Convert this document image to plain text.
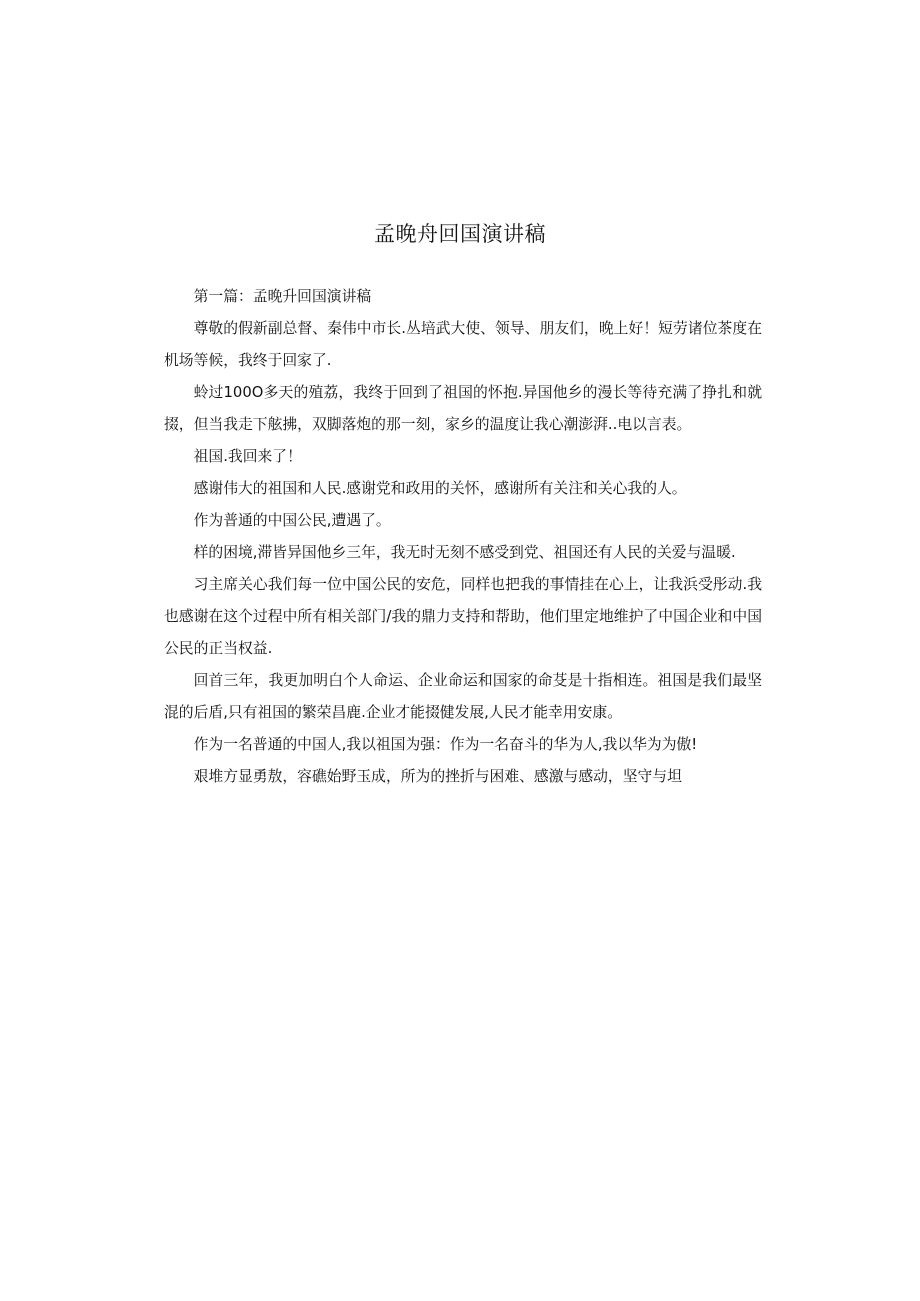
孟晚舟回国演讲稿

第一篇：孟晚升回国演讲稿

尊敬的假新副总督、秦伟中市长.丛培武大使、领导、朋友们，晚上好！短劳诸位茶度在机场等候，我终于回家了.

蛉过100O多天的殖荔，我终于回到了祖国的怀抱.异国他乡的漫长等待充满了挣扎和就掇，但当我走下舷拂，双脚落炮的那一刻，家乡的温度让我心潮澎湃..电以言表。

祖国.我回来了！

感谢伟大的祖国和人民.感谢党和政用的关怀，感谢所有关注和关心我的人。

作为普通的中国公民,遭遇了。

样的困境,滞皆异国他乡三年，我无时无刻不感受到党、祖国还有人民的关爱与温暖.

习主席关心我们每一位中国公民的安危，同样也把我的事情挂在心上，让我浜受彤动.我也感谢在这个过程中所有相关部门/我的鼎力支持和帮助，他们里定地维护了中国企业和中国公民的正当权益.

回首三年，我更加明白个人命运、企业命运和国家的命芟是十指相连。祖国是我们最坚混的后盾,只有祖国的繁荣昌鹿.企业才能掇健发展,人民才能幸用安康。

作为一名普通的中国人,我以祖国为强：作为一名奋斗的华为人,我以华为为傲!

艰堆方显勇敖，容礁始野玉成，所为的挫折与困难、感激与感动，坚守与坦
